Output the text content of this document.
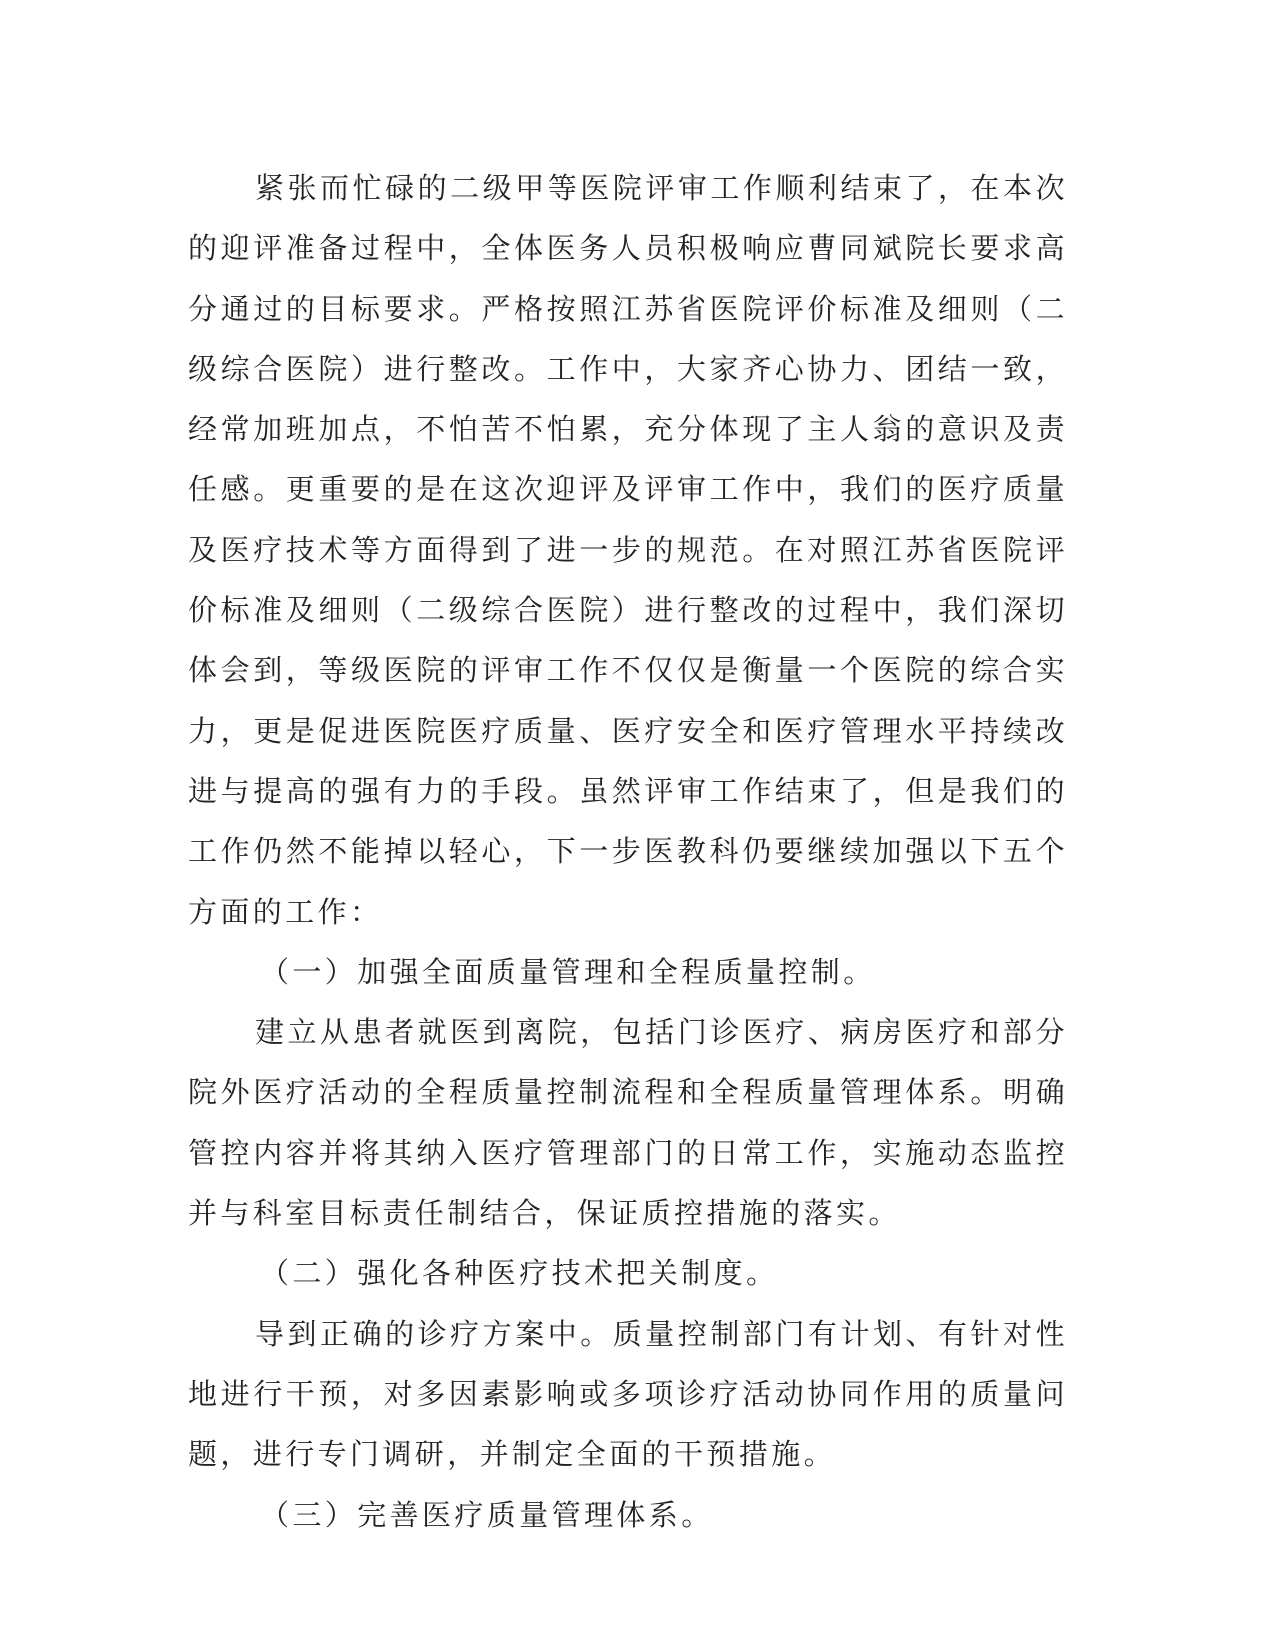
紧张而忙碌的二级甲等医院评审工作顺利结束了，在本次的迎评准备过程中，全体医务人员积极响应曹同斌院长要求高分通过的目标要求。严格按照江苏省医院评价标准及细则（二级综合医院）进行整改。工作中，大家齐心协力、团结一致，经常加班加点，不怕苦不怕累，充分体现了主人翁的意识及责任感。更重要的是在这次迎评及评审工作中，我们的医疗质量及医疗技术等方面得到了进一步的规范。在对照江苏省医院评价标准及细则（二级综合医院）进行整改的过程中，我们深切体会到，等级医院的评审工作不仅仅是衡量一个医院的综合实力，更是促进医院医疗质量、医疗安全和医疗管理水平持续改进与提高的强有力的手段。虽然评审工作结束了，但是我们的工作仍然不能掉以轻心，下一步医教科仍要继续加强以下五个方面的工作：

（一）加强全面质量管理和全程质量控制。

建立从患者就医到离院，包括门诊医疗、病房医疗和部分院外医疗活动的全程质量控制流程和全程质量管理体系。明确管控内容并将其纳入医疗管理部门的日常工作，实施动态监控并与科室目标责任制结合，保证质控措施的落实。

（二）强化各种医疗技术把关制度。

导到正确的诊疗方案中。质量控制部门有计划、有针对性地进行干预，对多因素影响或多项诊疗活动协同作用的质量问题，进行专门调研，并制定全面的干预措施。

（三）完善医疗质量管理体系。
